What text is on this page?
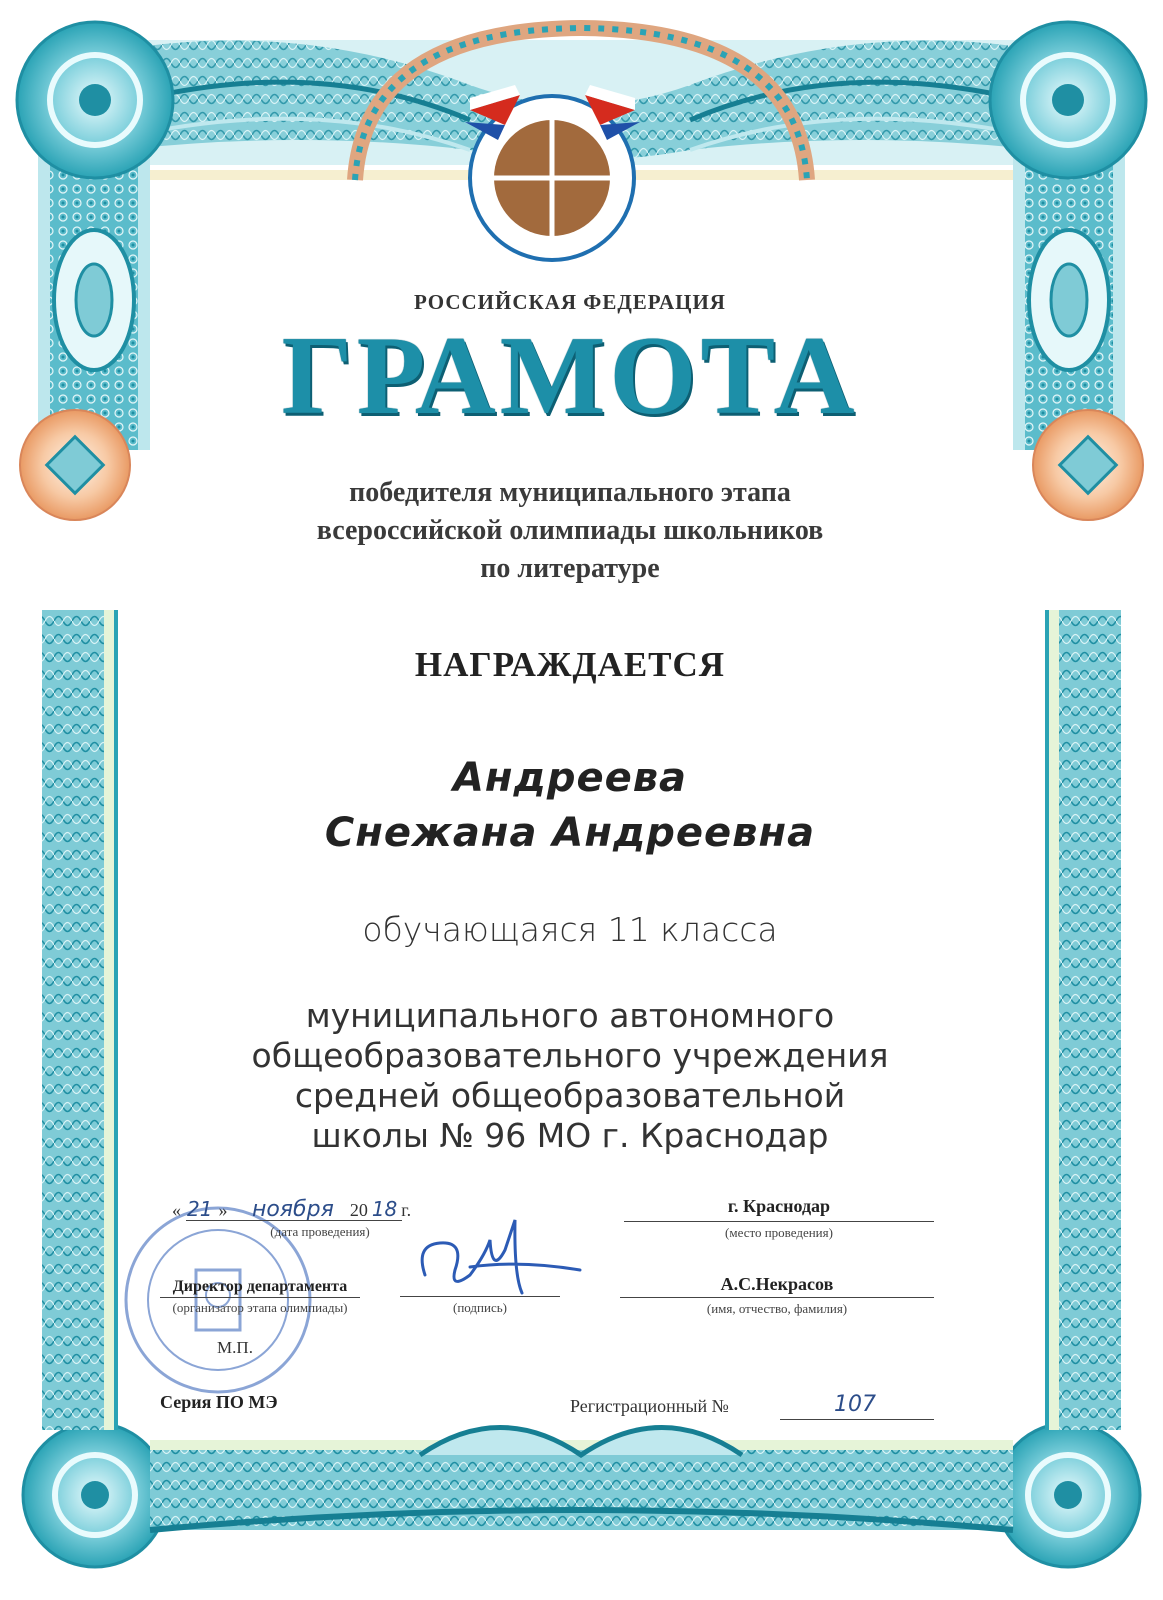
РОССИЙСКАЯ ФЕДЕРАЦИЯ
ГРАМОТА
победителя муниципального этапа
всероссийской олимпиады школьников
по литературе
НАГРАЖДАЕТСЯ
Андреева
Снежана Андреевна
обучающаяся 11 класса
муниципального автономного
общеобразовательного учреждения
средней общеобразовательной
школы № 96 МО г. Краснодар
« 21 » ноября 20 18 г.
(дата проведения)
г. Краснодар
(место проведения)
Директор департамента
(организатор этапа олимпиады)	(подпись)
А.С.Некрасов
(имя, отчество, фамилия)
М.П.
Серия ПО МЭ	Регистрационный №	107
